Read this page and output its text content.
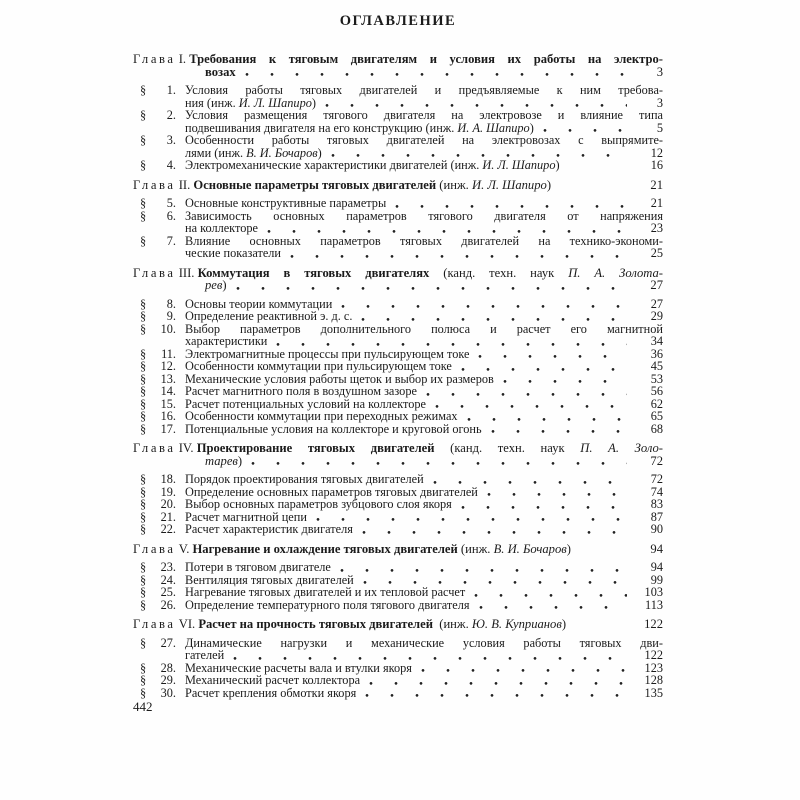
ОГЛАВЛЕНИЕ
Глава I. Требования к тяговым двигателям и условия их работы на электро-
возах	3
§	1. Условия работы тяговых двигателей и предъявляемые к ним требова-
ния (инж. И. Л. Шапиро)	3
§	2. Условия размещения тягового двигателя на электровозе и влияние типа
подвешивания двигателя на его конструкцию (инж. И. А. Шапиро)	5
§	3. Особенности работы тяговых двигателей на электровозах с выпрямите-
лями (инж. В. И. Бочаров)	12
§	4. Электромеханические характеристики двигателей (инж. И. Л. Шапиро)	16
Глава II. Основные параметры тяговых двигателей (инж. И. Л. Шапиро)	21
§	5. Основные конструктивные параметры	21
§	6. Зависимость основных параметров тягового двигателя от напряжения
на коллекторе	23
§	7. Влияние основных параметров тяговых двигателей на технико-экономи-
ческие показатели	25
Глава III. Коммутация в тяговых двигателях (канд. техн. наук П. А. Золота-
рев)	27
§	8. Основы теории коммутации	27
§	9. Определение реактивной э. д. с.	29
§	10. Выбор параметров дополнительного полюса и расчет его магнитной
характеристики	34
§	11. Электромагнитные процессы при пульсирующем токе	36
§	12. Особенности коммутации при пульсирующем токе	45
§	13. Механические условия работы щеток и выбор их размеров	53
§	14. Расчет магнитного поля в воздушном зазоре	56
§	15. Расчет потенциальных условий на коллекторе	62
§	16. Особенности коммутации при переходных режимах	65
§	17. Потенциальные условия на коллекторе и круговой огонь	68
Глава IV. Проектирование тяговых двигателей (канд. техн. наук П. А. Золо-
тарев)	72
§	18. Порядок проектирования тяговых двигателей	72
§	19. Определение основных параметров тяговых двигателей	74
§	20. Выбор основных параметров зубцового слоя якоря	83
§	21. Расчет магнитной цепи	87
§	22. Расчет характеристик двигателя	90
Глава V. Нагревание и охлаждение тяговых двигателей (инж. В. И. Бочаров)	94
§	23. Потери в тяговом двигателе	94
§	24. Вентиляция тяговых двигателей	99
§	25. Нагревание тяговых двигателей и их тепловой расчет	103
§	26. Определение температурного поля тягового двигателя	113
Глава VI. Расчет на прочность тяговых двигателей  (инж. Ю. В. Куприанов)	122
§	27. Динамические нагрузки и механические условия работы тяговых дви-
гателей	122
§	28. Механические расчеты вала и втулки якоря	123
§	29. Механический расчет коллектора	128
§	30. Расчет крепления обмотки якоря	135
442
